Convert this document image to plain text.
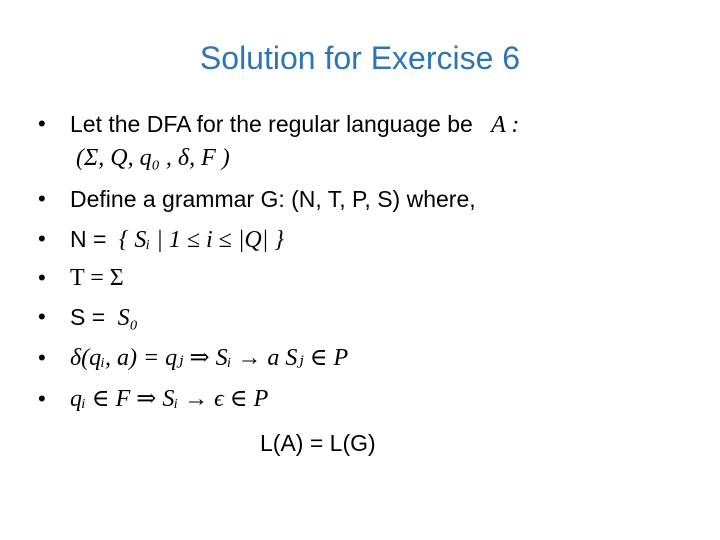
Solution for Exercise 6
•	Let the DFA for the regular language be A :
(Σ, Q, q₀ , δ, F )
•	Define a grammar G: (N, T, P, S) where,
•	N = { Sᵢ | 1 ≤ i ≤ |Q| }
•	T = Σ
•	S = S₀
•	δ(qᵢ, a) = qⱼ ⇒ Sᵢ → a Sⱼ ∈ P
•	qᵢ ∈ F ⇒ Sᵢ → ϵ ∈ P
L(A) = L(G)
